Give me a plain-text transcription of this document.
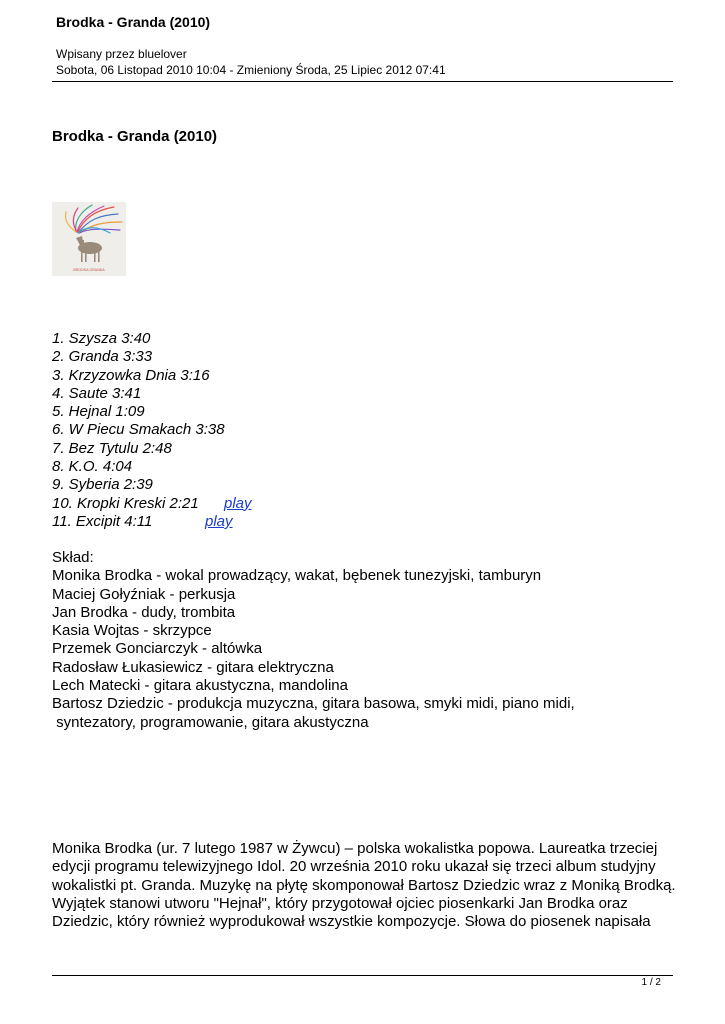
Brodka - Granda (2010)
Wpisany przez bluelover
Sobota, 06 Listopad 2010 10:04 - Zmieniony Środa, 25 Lipiec 2012 07:41
Brodka - Granda (2010)
BRODKA GRANDA
1. Szysza 3:40
2. Granda 3:33
3. Krzyzowka Dnia 3:16
4. Saute 3:41
5. Hejnal 1:09
6. W Piecu Smakach 3:38
7. Bez Tytulu 2:48
8. K.O. 4:04
9. Syberia 2:39
10. Kropki Kreski 2:21 play
11. Excipit 4:11	play
Skład:
Monika Brodka - wokal prowadzący, wakat, bębenek tunezyjski, tamburyn
Maciej Gołyźniak - perkusja
Jan Brodka - dudy, trombita
Kasia Wojtas - skrzypce
Przemek Gonciarczyk - altówka
Radosław Łukasiewicz - gitara elektryczna
Lech Matecki - gitara akustyczna, mandolina
Bartosz Dziedzic - produkcja muzyczna, gitara basowa, smyki midi, piano midi,
syntezatory, programowanie, gitara akustyczna
Monika Brodka (ur. 7 lutego 1987 w Żywcu) – polska wokalistka popowa. Laureatka trzeciej
edycji programu telewizyjnego Idol. 20 września 2010 roku ukazał się trzeci album studyjny
wokalistki pt. Granda. Muzykę na płytę skomponował Bartosz Dziedzic wraz z Moniką Brodką.
Wyjątek stanowi utworu "Hejnał", który przygotował ojciec piosenkarki Jan Brodka oraz
Dziedzic, który również wyprodukował wszystkie kompozycje. Słowa do piosenek napisała
1 / 2
